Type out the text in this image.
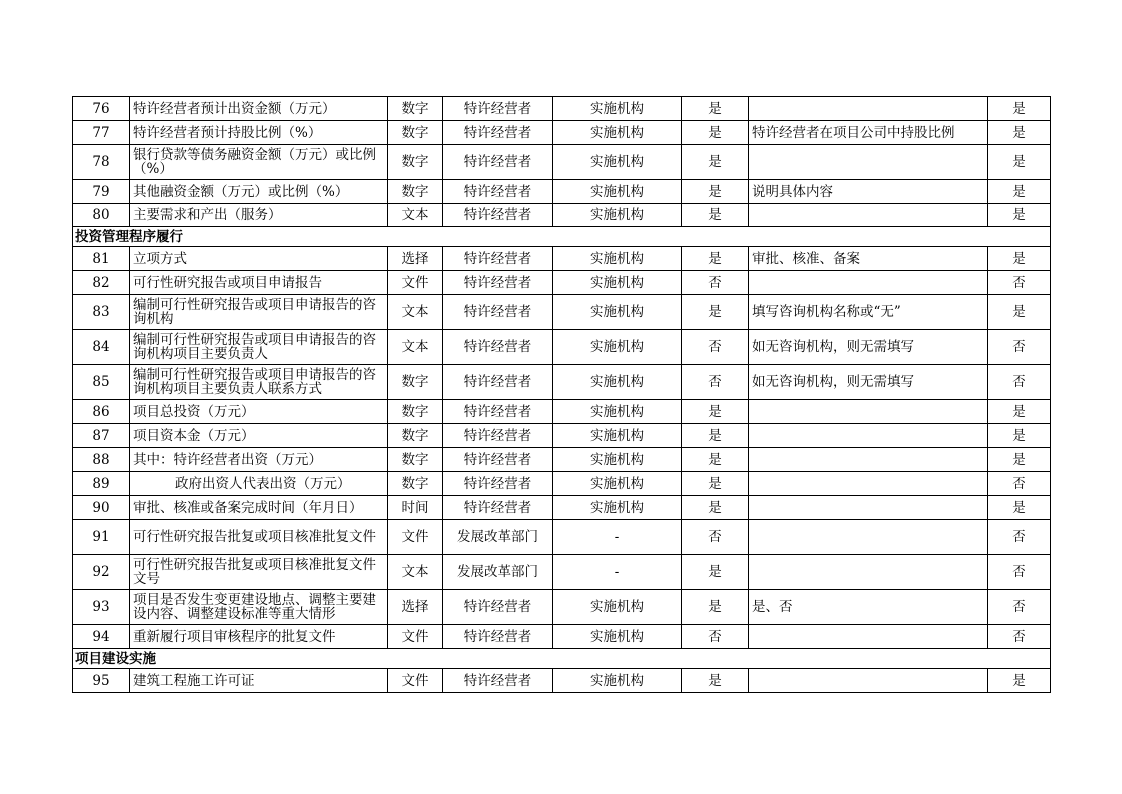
76	特许经营者预计出资金额（万元）	数字	特许经营者	实施机构	是		是
77	特许经营者预计持股比例（%）	数字	特许经营者	实施机构	是	特许经营者在项目公司中持股比例	是
78	银行贷款等债务融资金额（万元）或比例（%）	数字	特许经营者	实施机构	是		是
79	其他融资金额（万元）或比例（%）	数字	特许经营者	实施机构	是	说明具体内容	是
80	主要需求和产出（服务）	文本	特许经营者	实施机构	是		是
投资管理程序履行							
81	立项方式	选择	特许经营者	实施机构	是	审批、核准、备案	是
82	可行性研究报告或项目申请报告	文件	特许经营者	实施机构	否		否
83	编制可行性研究报告或项目申请报告的咨询机构	文本	特许经营者	实施机构	是	填写咨询机构名称或“无”	是
84	编制可行性研究报告或项目申请报告的咨询机构项目主要负责人	文本	特许经营者	实施机构	否	如无咨询机构，则无需填写	否
85	编制可行性研究报告或项目申请报告的咨询机构项目主要负责人联系方式	数字	特许经营者	实施机构	否	如无咨询机构，则无需填写	否
86	项目总投资（万元）	数字	特许经营者	实施机构	是		是
87	项目资本金（万元）	数字	特许经营者	实施机构	是		是
88	其中：特许经营者出资（万元）	数字	特许经营者	实施机构	是		是
89	政府出资人代表出资（万元）	数字	特许经营者	实施机构	是		否
90	审批、核准或备案完成时间（年月日）	时间	特许经营者	实施机构	是		是
91	可行性研究报告批复或项目核准批复文件	文件	发展改革部门	-	否		否
92	可行性研究报告批复或项目核准批复文件文号	文本	发展改革部门	-	是		否
93	项目是否发生变更建设地点、调整主要建设内容、调整建设标准等重大情形	选择	特许经营者	实施机构	是	是、否	否
94	重新履行项目审核程序的批复文件	文件	特许经营者	实施机构	否		否
项目建设实施							
95	建筑工程施工许可证	文件	特许经营者	实施机构	是		是
